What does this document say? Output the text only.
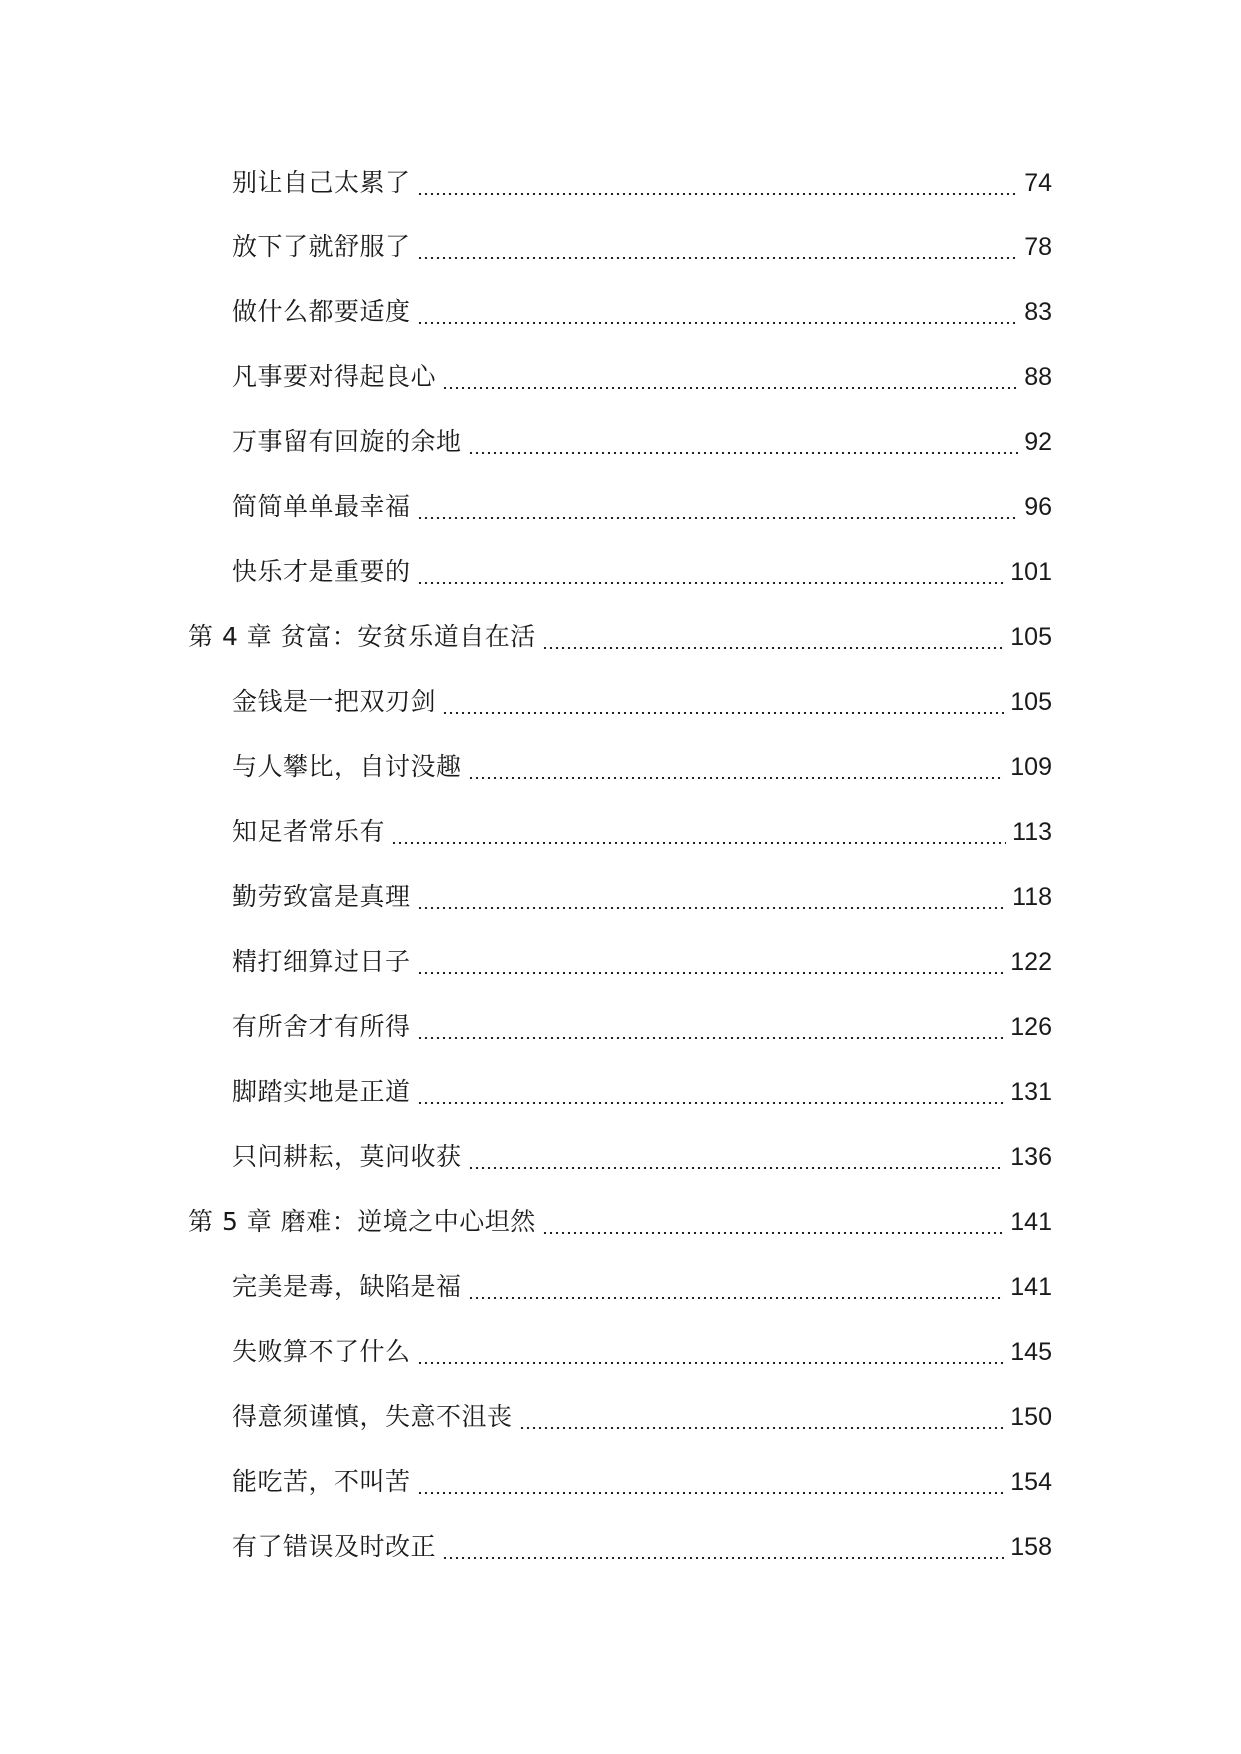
别让自己太累了	74
放下了就舒服了	78
做什么都要适度	83
凡事要对得起良心	88
万事留有回旋的余地	92
简简单单最幸福	96
快乐才是重要的	101
第 4 章 贫富：安贫乐道自在活	105
金钱是一把双刃剑	105
与人攀比，自讨没趣	109
知足者常乐有	113
勤劳致富是真理	118
精打细算过日子	122
有所舍才有所得	126
脚踏实地是正道	131
只问耕耘，莫问收获	136
第 5 章 磨难：逆境之中心坦然	141
完美是毒，缺陷是福	141
失败算不了什么	145
得意须谨慎，失意不沮丧	150
能吃苦，不叫苦	154
有了错误及时改正	158
